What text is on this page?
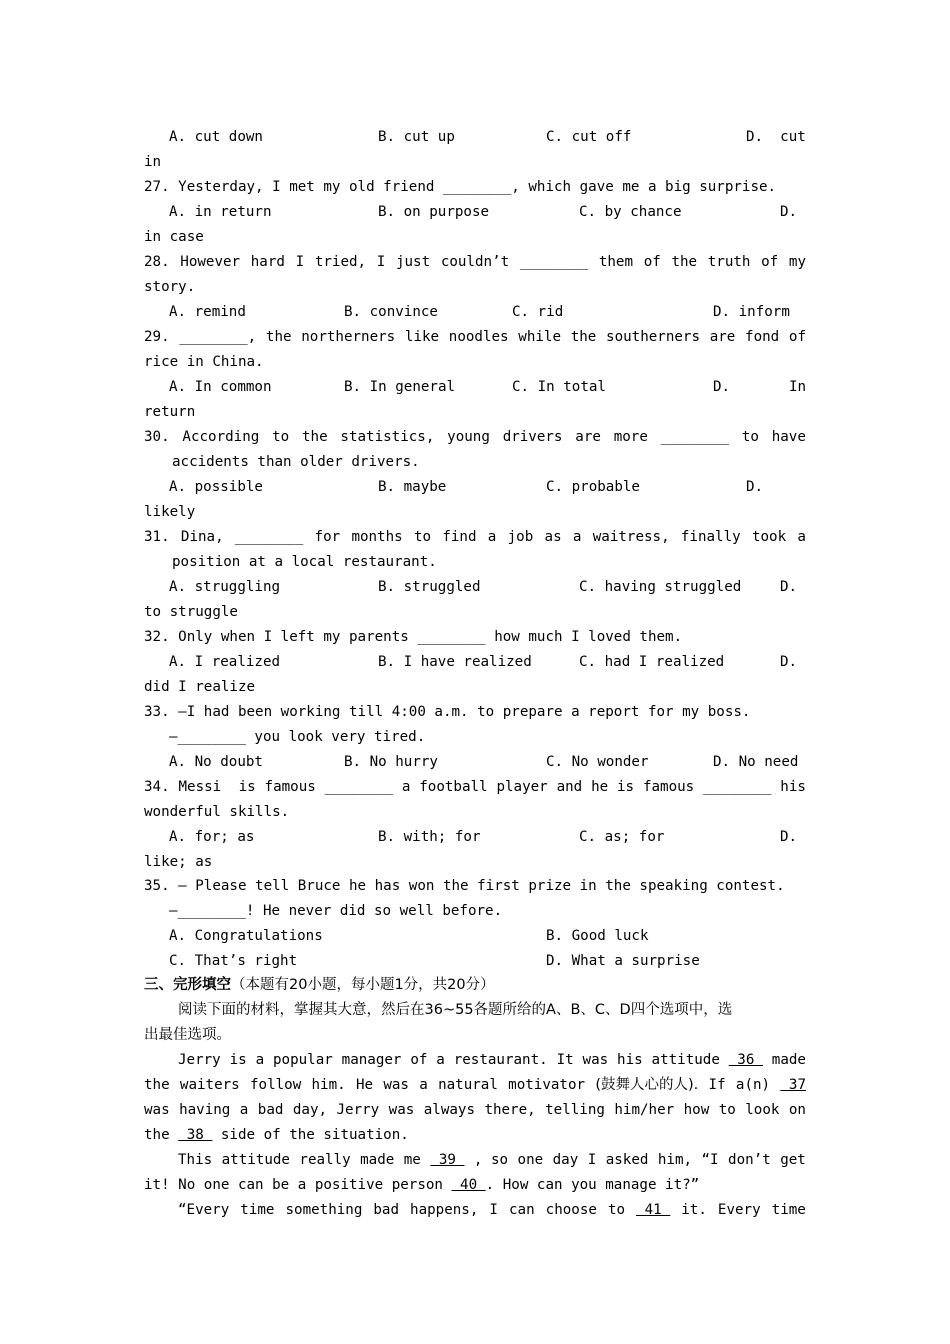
A. cut down	B. cut up	C. cut off	D.  cut
in
27. Yesterday, I met my old friend ________, which gave me a big surprise.
A. in return	B. on purpose	C. by chance	D.
in case
28. However hard I tried, I just couldn’t ________ them of the truth of my
story.
A. remind	B. convince	C. rid	D. inform
29. ________, the northerners like noodles while the southerners are fond of
rice in China.
A. In common	B. In general	C. In total	D.	In
return
30. According to the statistics, young drivers are more ________ to have
accidents than older drivers.
A. possible	B. maybe	C. probable	D.
likely
31. Dina, ________ for months to find a job as a waitress, finally took a
position at a local restaurant.
A. struggling	B. struggled	C. having struggled	D.
to struggle
32. Only when I left my parents ________ how much I loved them.
A. I realized	B. I have realized	C. had I realized	D.
did I realize
33. —I had been working till 4:00 a.m. to prepare a report for my boss.
—________ you look very tired.
A. No doubt	B. No hurry	C. No wonder	D. No need
34. Messi is famous ________ a football player and he is famous ________ his
wonderful skills.
A. for; as	B. with; for	C. as; for	D.
like; as
35. — Please tell Bruce he has won the first prize in the speaking contest.
—________! He never did so well before.
A. Congratulations	B. Good luck
C. That’s right	D. What a surprise
三、完形填空（本题有20小题，每小题1分，共20分）
阅读下面的材料，掌握其大意，然后在36~55各题所给的A、B、C、D四个选项中，选
出最佳选项。
Jerry is a popular manager of a restaurant. It was his attitude 36 made
the waiters follow him. He was a natural motivator (鼓舞人心的人). If a(n) 37
was having a bad day, Jerry was always there, telling him/her how to look on
the  38  side of the situation.
This attitude really made me 39 , so one day I asked him, “I don’t get
it! No one can be a positive person  40 . How can you manage it?”
“Every time something bad happens, I can choose to 41 it. Every time
